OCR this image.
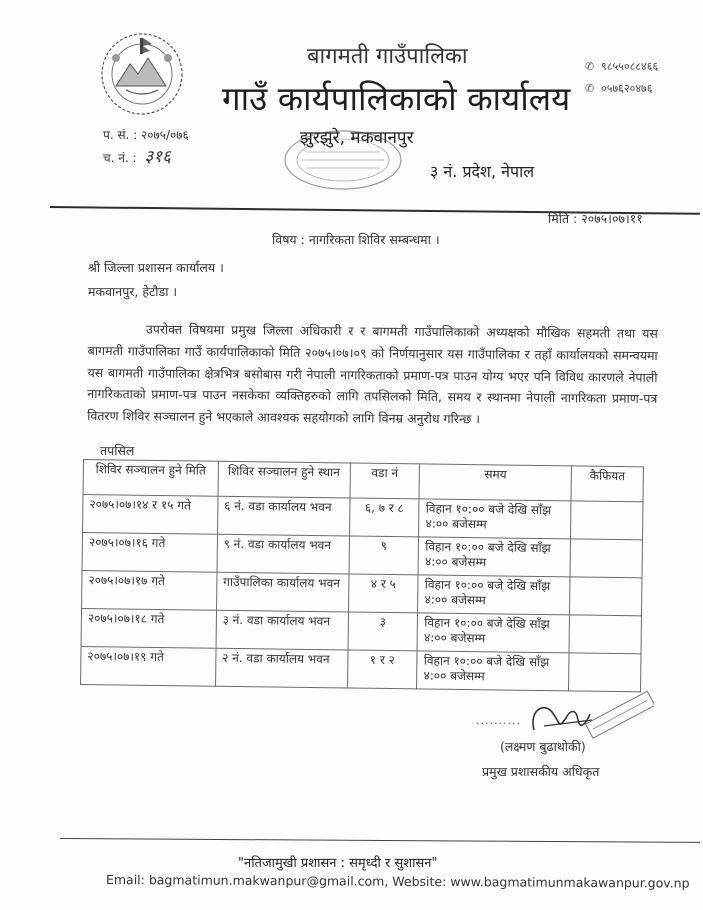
बागमती गाउँपालिका
गाउँ कार्यपालिकाको कार्यालय
✆ ९८५५०८८४६६
✆ ०५७६२०४७६
प. सं. : २०७५/०७६
च. नं. : ३१६
झुरझुरे, मकवानपुर
३ नं. प्रदेश, नेपाल
मिति : २०७५।०७।११
विषय : नागरिकता शिविर सम्बन्धमा ।
श्री जिल्ला प्रशासन कार्यालय ।
मकवानपुर, हेटौडा ।
उपरोक्त विषयमा प्रमुख जिल्ला अधिकारी र र बागमती गाउँपालिकाको अध्यक्षको मौखिक सहमती तथा यस बागमती गाउँपालिका गाउँ कार्यपालिकाको मिति २०७५।०७।०९ को निर्णयानुसार यस गाउँपालिका र तहाँ कार्यालयको समन्वयमा यस बागमती गाउँपालिका क्षेत्रभित्र बसोबास गरी नेपाली नागरिकताको प्रमाण-पत्र पाउन योग्य भएर पनि विविध कारणले नेपाली नागरिकताको प्रमाण-पत्र पाउन नसकेका व्यक्तिहरुको लागि तपसिलको मिति, समय र स्थानमा नेपाली नागरिकता प्रमाण-पत्र वितरण शिविर सञ्चालन हुने भएकाले आवश्यक सहयोगको लागि विनम्र अनुरोध गरिन्छ ।
तपसिल
शिविर सञ्चालन हुने मिति	शिविर सञ्चालन हुने स्थान	वडा नं	समय	कैफियत
२०७५।०७।१४ र १५ गते	६ नं. वडा कार्यालय भवन	६, ७ र ८	विहान १०:०० बजे देखि साँझ ४:०० बजेसम्म	
२०७५।०७।१६ गते	९ नं. वडा कार्यालय भवन	९	विहान १०:०० बजे देखि साँझ ४:०० बजेसम्म	
२०७५।०७।१७ गते	गाउँपालिका कार्यालय भवन	४ र ५	विहान १०:०० बजे देखि साँझ ४:०० बजेसम्म	
२०७५।०७।१८ गते	३ नं. वडा कार्यालय भवन	३	विहान १०:०० बजे देखि साँझ ४:०० बजेसम्म	
२०७५।०७।१९ गते	२ नं. वडा कार्यालय भवन	१ र २	विहान १०:०० बजे देखि साँझ ४:०० बजेसम्म	
..........
(लक्ष्मण बुढाथोकी)
प्रमुख प्रशासकीय अधिकृत
"नतिजामुखी प्रशासन : समृध्दी र सुशासन"
Email: bagmatimun.makwanpur@gmail.com, Website: www.bagmatimunmakawanpur.gov.np
